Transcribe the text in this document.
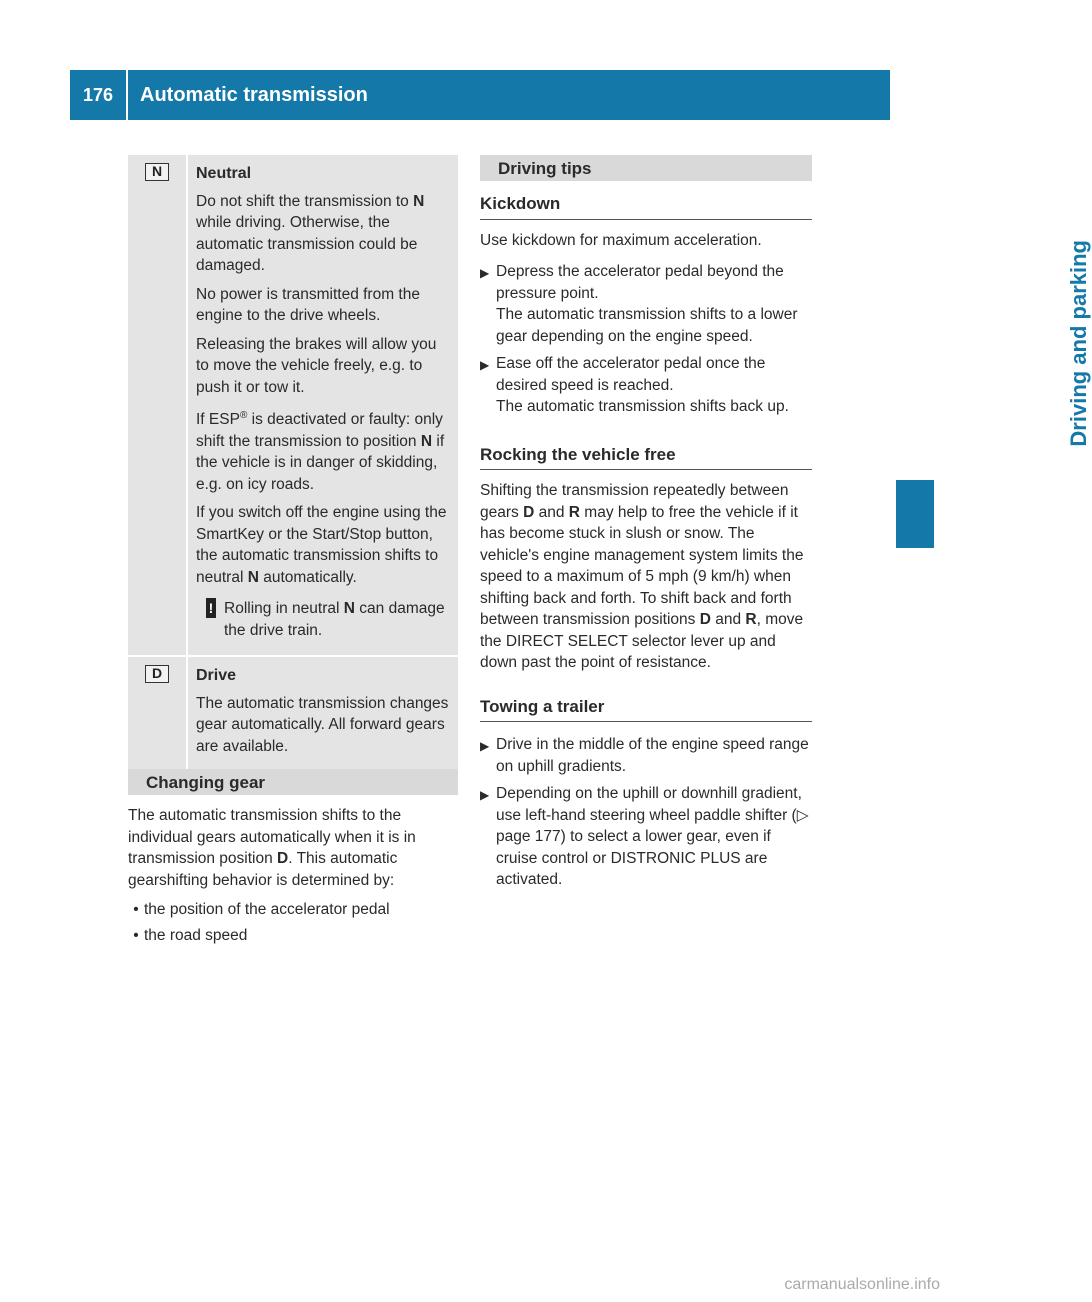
176	Automatic transmission
Driving and parking
N	Neutral

Do not shift the transmission to N while driving. Otherwise, the automatic transmission could be damaged.

No power is transmitted from the engine to the drive wheels.

Releasing the brakes will allow you to move the vehicle freely, e.g. to push it or tow it.

If ESP® is deactivated or faulty: only shift the transmission to position N if the vehicle is in danger of skidding, e.g. on icy roads.

If you switch off the engine using the SmartKey or the Start/Stop button, the automatic transmission shifts to neutral N automatically.

! Rolling in neutral N can damage the drive train.
D	Drive

The automatic transmission changes gear automatically. All forward gears are available.

Changing gear

The automatic transmission shifts to the individual gears automatically when it is in transmission position D. This automatic gearshifting behavior is determined by:

• the position of the accelerator pedal
• the road speed
Driving tips
Kickdown

Use kickdown for maximum acceleration.

▶ Depress the accelerator pedal beyond the pressure point.
The automatic transmission shifts to a lower gear depending on the engine speed.
▶ Ease off the accelerator pedal once the desired speed is reached.
The automatic transmission shifts back up.
Rocking the vehicle free

Shifting the transmission repeatedly between gears D and R may help to free the vehicle if it has become stuck in slush or snow. The vehicle's engine management system limits the speed to a maximum of 5 mph (9 km/h) when shifting back and forth. To shift back and forth between transmission positions D and R, move the DIRECT SELECT selector lever up and down past the point of resistance.

Towing a trailer
▶ Drive in the middle of the engine speed range on uphill gradients.
▶ Depending on the uphill or downhill gradient, use left-hand steering wheel paddle shifter (▷ page 177) to select a lower gear, even if cruise control or DISTRONIC PLUS are activated.
carmanualsonline.info
